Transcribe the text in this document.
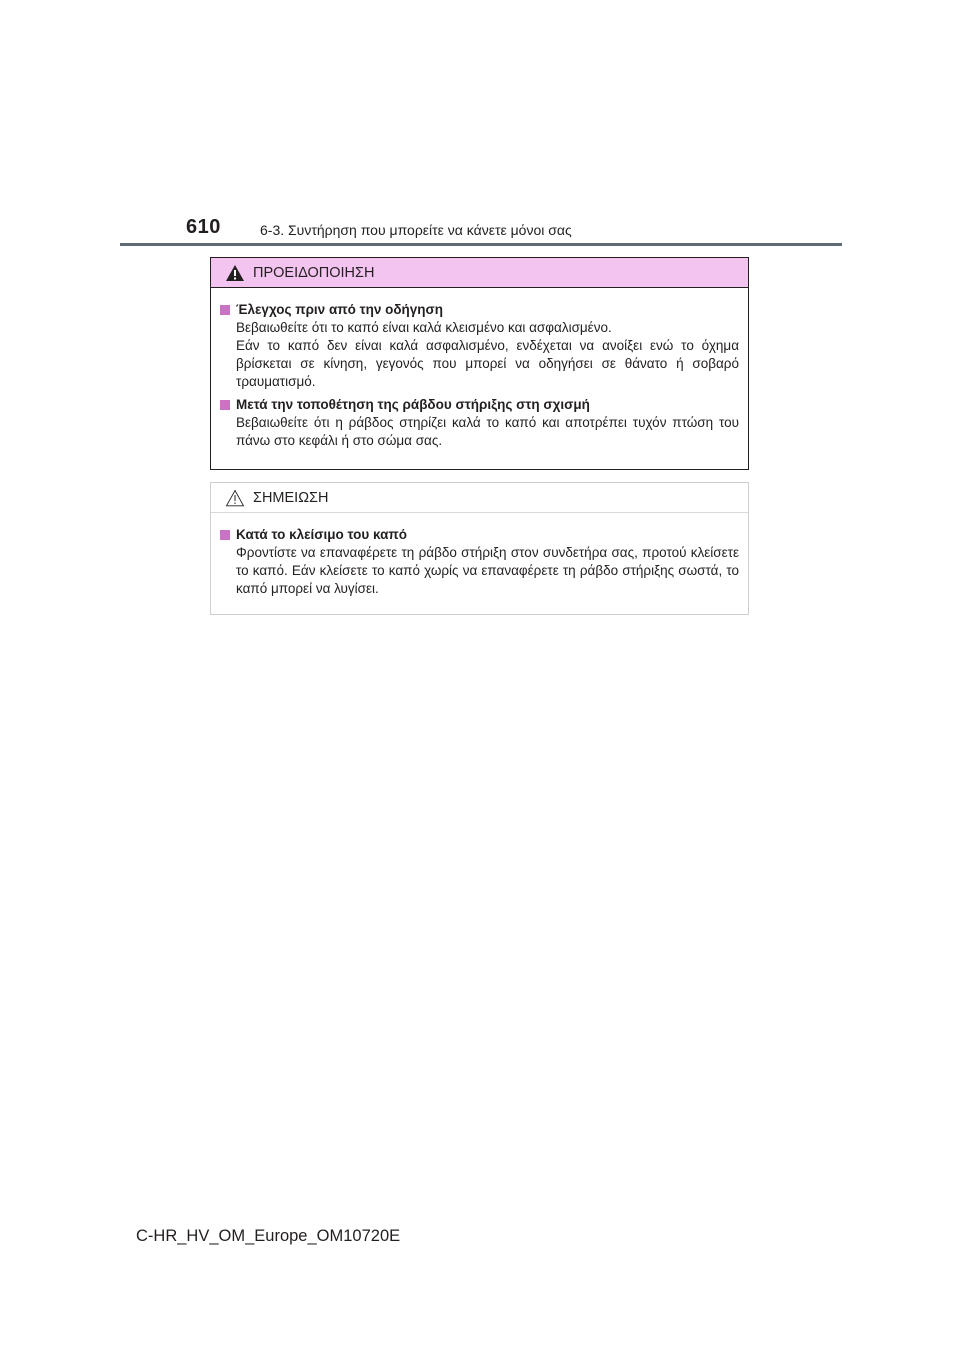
610	6-3. Συντήρηση που μπορείτε να κάνετε μόνοι σας
ΠΡΟΕΙΔΟΠΟΙΗΣΗ
Έλεγχος πριν από την οδήγηση

Βεβαιωθείτε ότι το καπό είναι καλά κλεισμένο και ασφαλισμένο.

Εάν το καπό δεν είναι καλά ασφαλισμένο, ενδέχεται να ανοίξει ενώ το όχημα βρίσκεται σε κίνηση, γεγονός που μπορεί να οδηγήσει σε θάνατο ή σοβαρό τραυματισμό.

Μετά την τοποθέτηση της ράβδου στήριξης στη σχισμή

Βεβαιωθείτε ότι η ράβδος στηρίζει καλά το καπό και αποτρέπει τυχόν πτώση του πάνω στο κεφάλι ή στο σώμα σας.

ΣΗΜΕΙΩΣΗ
Κατά το κλείσιμο του καπό

Φροντίστε να επαναφέρετε τη ράβδο στήριξη στον συνδετήρα σας, προτού κλείσετε το καπό. Εάν κλείσετε το καπό χωρίς να επαναφέρετε τη ράβδο στήριξης σωστά, το καπό μπορεί να λυγίσει.

C-HR_HV_OM_Europe_OM10720E
